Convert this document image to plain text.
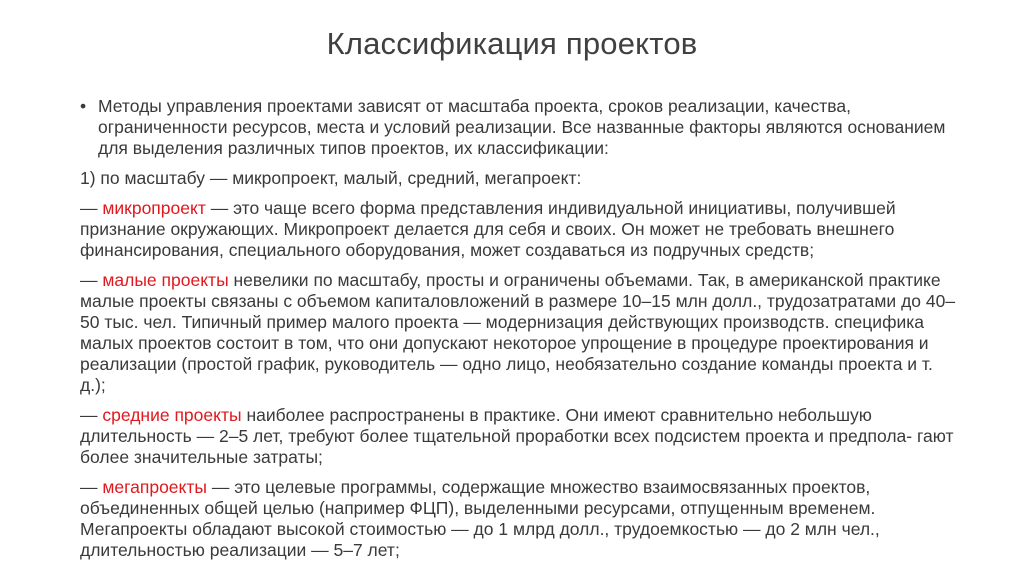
Классификация проектов
• Методы управления проектами зависят от масштаба проекта, сроков реализации, качества, ограниченности ресурсов, места и условий реализации. Все названные факторы являются основанием для выделения различных типов проектов, их классификации:
1) по масштабу — микропроект, малый, средний, мегапроект:
— микропроект — это чаще всего форма представления индивидуальной инициативы, получившей признание окружающих. Микропроект делается для себя и своих. Он может не требовать внешнего финансирования, специального оборудования, может создаваться из подручных средств;
— малые проекты невелики по масштабу, просты и ограничены объемами. Так, в американской практике малые проекты связаны с объемом капиталовложений в размере 10–15 млн долл., трудозатратами до 40–50 тыс. чел. Типичный пример малого проекта — модернизация действующих производств. специфика малых проектов состоит в том, что они допускают некоторое упрощение в процедуре проектирования и реализации (простой график, руководитель — одно лицо, необязательно создание команды проекта и т. д.);
— средние проекты наиболее распространены в практике. Они имеют сравнительно небольшую длительность — 2–5 лет, требуют более тщательной проработки всех подсистем проекта и предпола- гают более значительные затраты;
— мегапроекты — это целевые программы, содержащие множество взаимосвязанных проектов, объединенных общей целью (например ФЦП), выделенными ресурсами, отпущенным временем. Мегапроекты обладают высокой стоимостью — до 1 млрд долл., трудоемкостью — до 2 млн чел., длительностью реализации — 5–7 лет;
